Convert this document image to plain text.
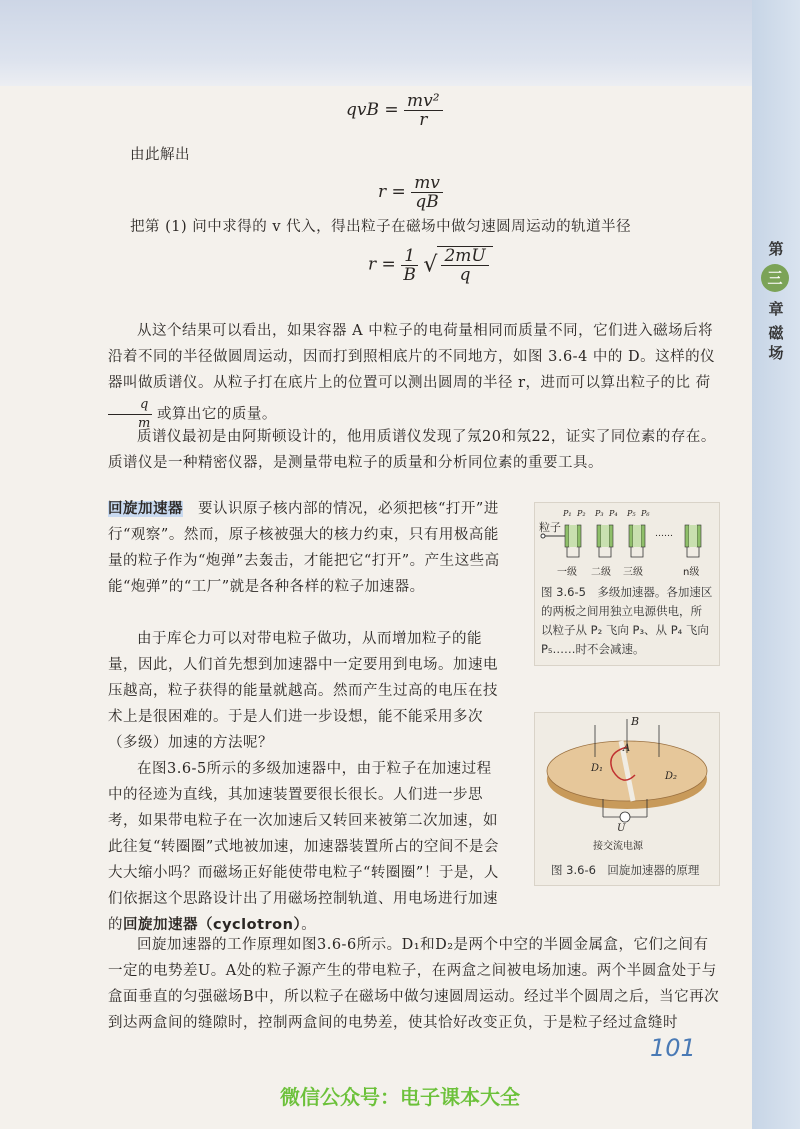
第
三
章
磁
场
qvB = $\frac{\text{mv²}}{r}$
由此解出
$r = \frac{mv}{qB}$
把第 (1) 问中求得的 v 代入，得出粒子在磁场中做匀速圆周运动的轨道半径
$r = \frac{1}{B}$ √ $\frac{2mU}{q}$
从这个结果可以看出，如果容器 A 中粒子的电荷量相同而质量不同，它们进入磁场后将沿着不同的半径做圆周运动，因而打到照相底片的不同地方，如图 3.6-4 中的 D。这样的仪器叫做质谱仪。从粒子打在底片上的位置可以测出圆周的半径 r，进而可以算出粒子的比 荷
$\frac{q}{m}$ 或算出它的质量。
质谱仪最初是由阿斯顿设计的，他用质谱仪发现了氖20和氖22，证实了同位素的存在。质谱仪是一种精密仪器，是测量带电粒子的质量和分析同位素的重要工具。
回旋加速器　 要认识原子核内部的情况，必须把核“打开”进行“观察”。然而，原子核被强大的核力约束，只有用极高能量的粒子作为“炮弹”去轰击，才能把它“打开”。产生这些高能“炮弹”的“工厂”就是各种各样的粒子加速器。
由于库仑力可以对带电粒子做功，从而增加粒子的能量，因此，人们首先想到加速器中一定要用到电场。加速电压越高，粒子获得的能量就越高。然而产生过高的电压在技术上是很困难的。于是人们进一步设想，能不能采用多次（多级）加速的方法呢？
在图3.6-5所示的多级加速器中，由于粒子在加速过程中的径迹为直线，其加速装置要很长很长。人们进一步思考，如果带电粒子在一次加速后又转回来被第二次加速，如此往复“转圈圈”式地被加速，加速器装置所占的空间不是会大大缩小吗？而磁场正好能使带电粒子“转圈圈”！于是，人们依据这个思路设计出了用磁场控制轨道、用电场进行加速的回旋加速器（cyclotron）。
回旋加速器的工作原理如图3.6-6所示。D₁和D₂是两个中空的半圆金属盒，它们之间有一定的电势差U。A处的粒子源产生的带电粒子，在两盒之间被电场加速。两个半圆盒处于与盒面垂直的匀强磁场B中，所以粒子在磁场中做匀速圆周运动。经过半个圆周之后，当它再次到达两盒间的缝隙时，控制两盒间的电势差，使其恰好改变正负，于是粒子经过盒缝时
粒子
P₁ P₂ P₃ P₄ P₅ P₆
……
一级 二级 三级	n级
图 3.6-5　多级加速器。各加速区的两板之间用独立电源供电，所以粒子从 P₂ 飞向 P₃、从 P₄ 飞向 P₅……时不会减速。
B
A
D₁
D₂
U
接交流电源
图 3.6-6　回旋加速器的原理
101
微信公众号：电子课本大全
